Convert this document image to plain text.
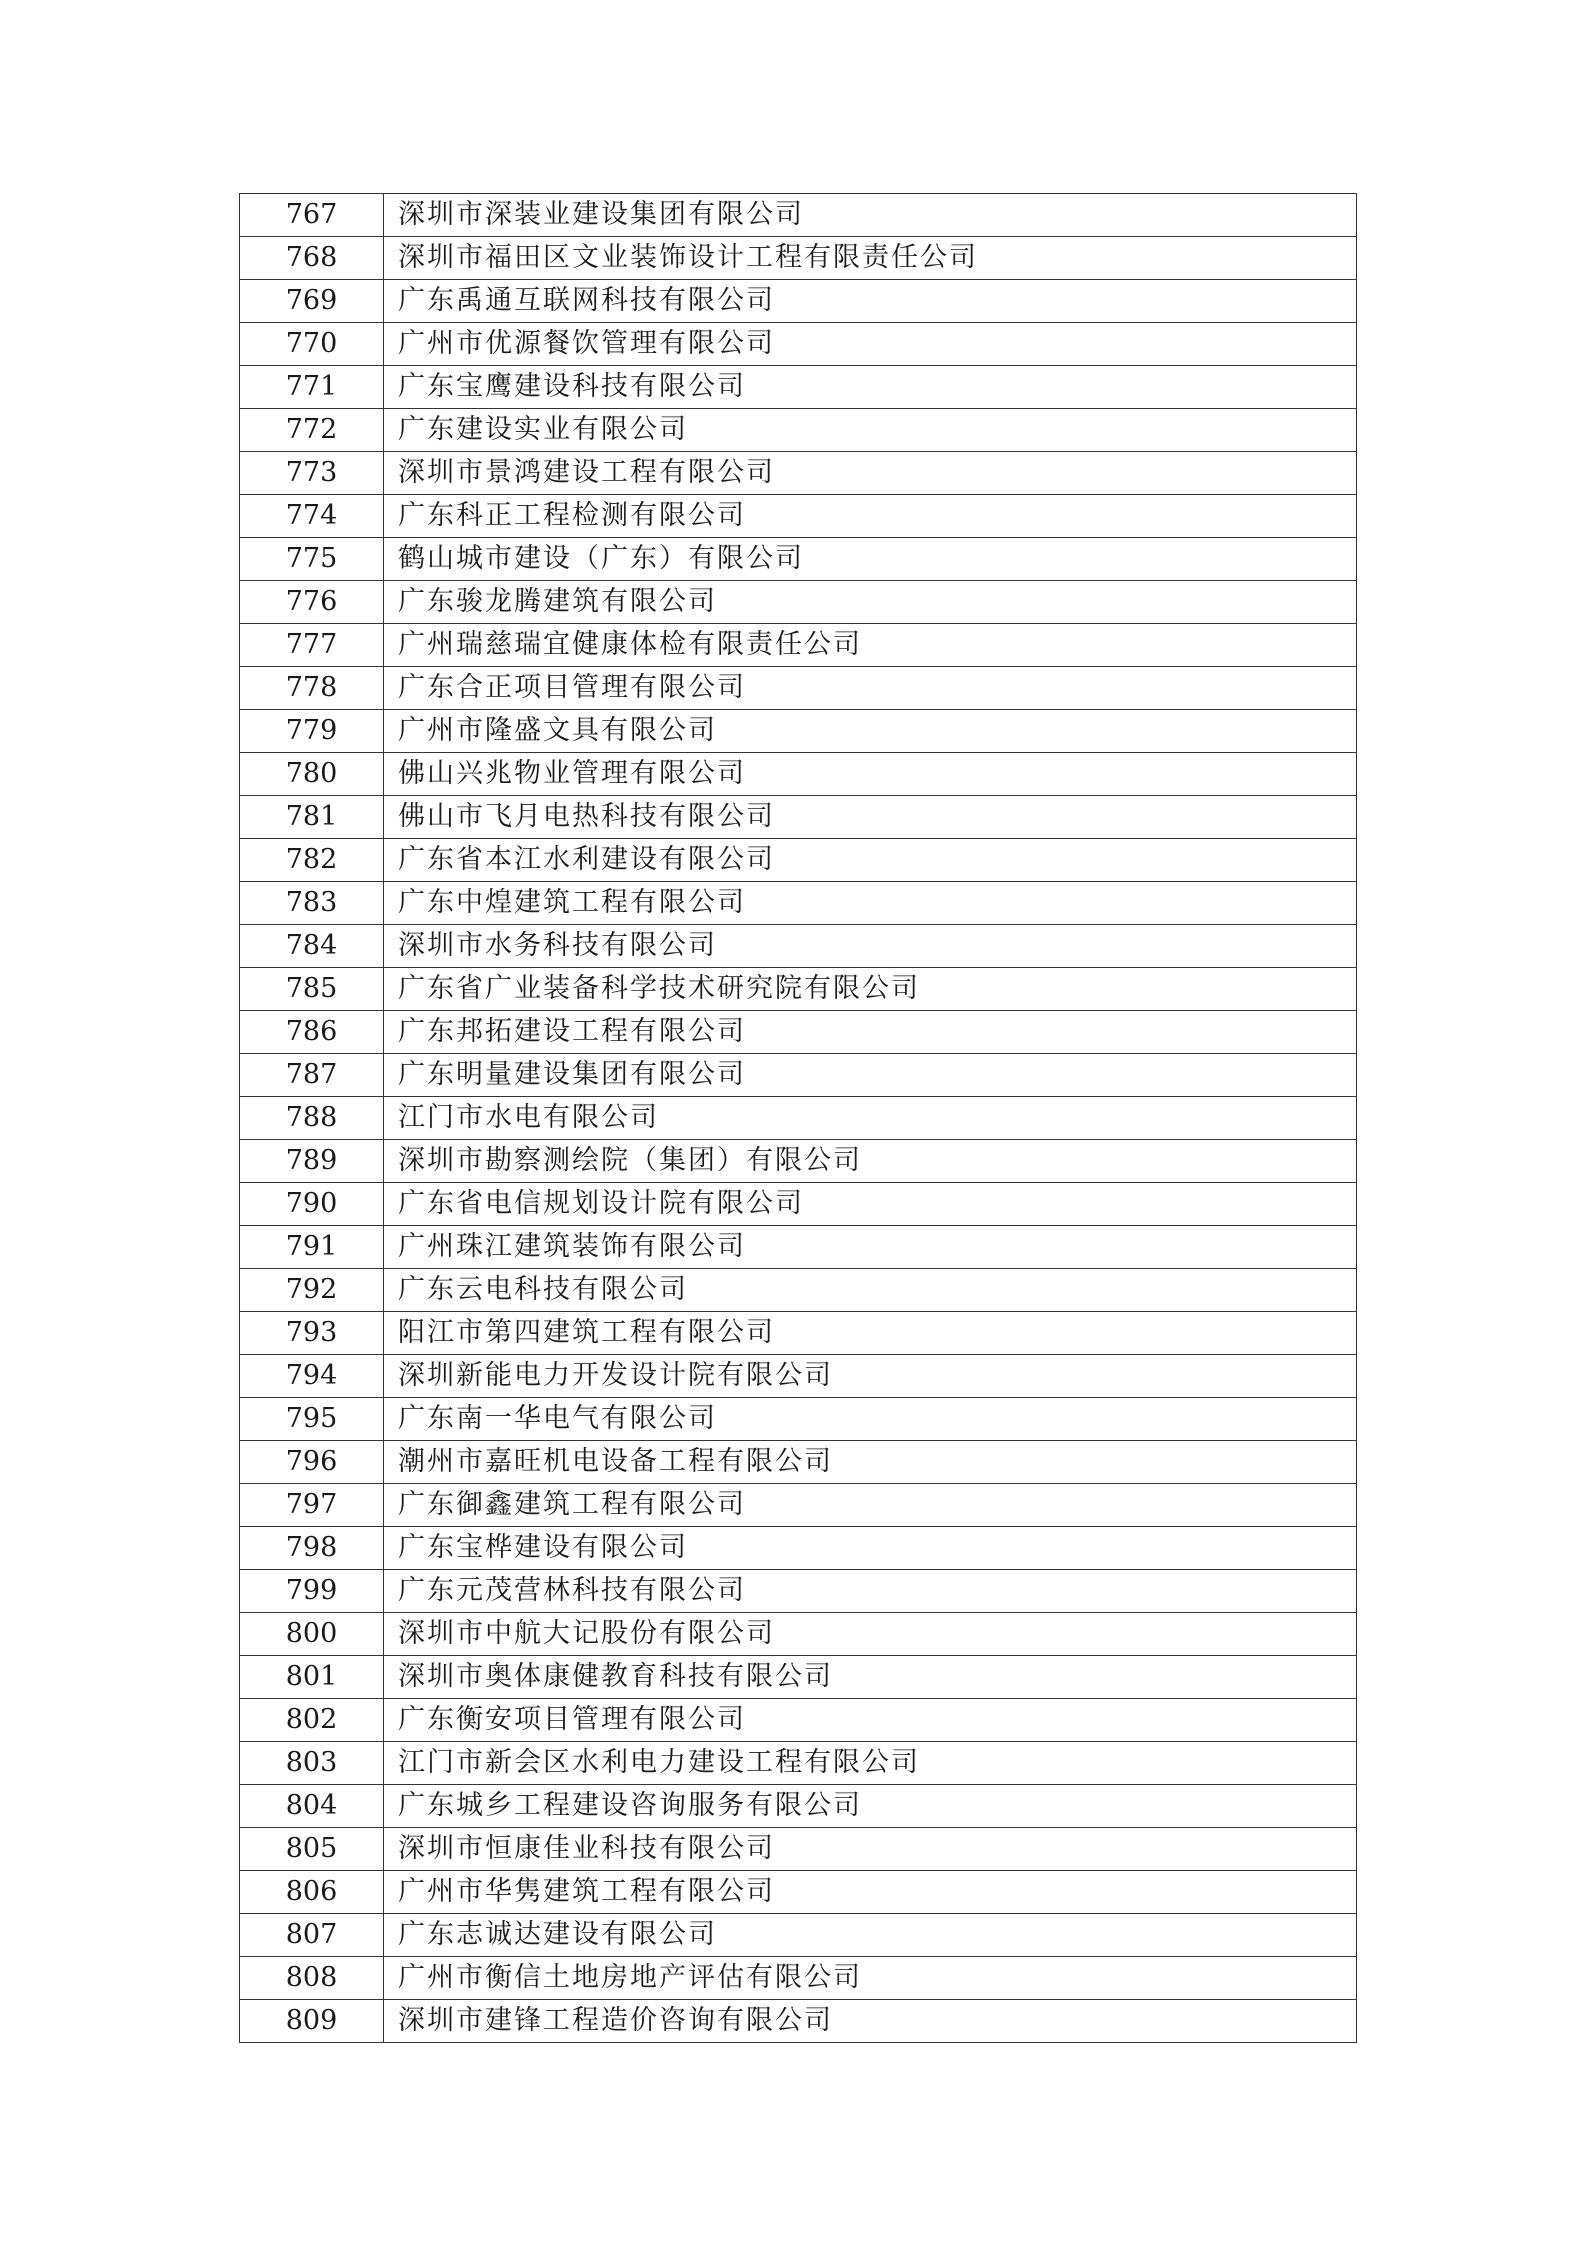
767	深圳市深装业建设集团有限公司
768	深圳市福田区文业装饰设计工程有限责任公司
769	广东禹通互联网科技有限公司
770	广州市优源餐饮管理有限公司
771	广东宝鹰建设科技有限公司
772	广东建设实业有限公司
773	深圳市景鸿建设工程有限公司
774	广东科正工程检测有限公司
775	鹤山城市建设（广东）有限公司
776	广东骏龙腾建筑有限公司
777	广州瑞慈瑞宜健康体检有限责任公司
778	广东合正项目管理有限公司
779	广州市隆盛文具有限公司
780	佛山兴兆物业管理有限公司
781	佛山市飞月电热科技有限公司
782	广东省本江水利建设有限公司
783	广东中煌建筑工程有限公司
784	深圳市水务科技有限公司
785	广东省广业装备科学技术研究院有限公司
786	广东邦拓建设工程有限公司
787	广东明量建设集团有限公司
788	江门市水电有限公司
789	深圳市勘察测绘院（集团）有限公司
790	广东省电信规划设计院有限公司
791	广州珠江建筑装饰有限公司
792	广东云电科技有限公司
793	阳江市第四建筑工程有限公司
794	深圳新能电力开发设计院有限公司
795	广东南一华电气有限公司
796	潮州市嘉旺机电设备工程有限公司
797	广东御鑫建筑工程有限公司
798	广东宝桦建设有限公司
799	广东元茂营林科技有限公司
800	深圳市中航大记股份有限公司
801	深圳市奥体康健教育科技有限公司
802	广东衡安项目管理有限公司
803	江门市新会区水利电力建设工程有限公司
804	广东城乡工程建设咨询服务有限公司
805	深圳市恒康佳业科技有限公司
806	广州市华隽建筑工程有限公司
807	广东志诚达建设有限公司
808	广州市衡信土地房地产评估有限公司
809	深圳市建锋工程造价咨询有限公司
